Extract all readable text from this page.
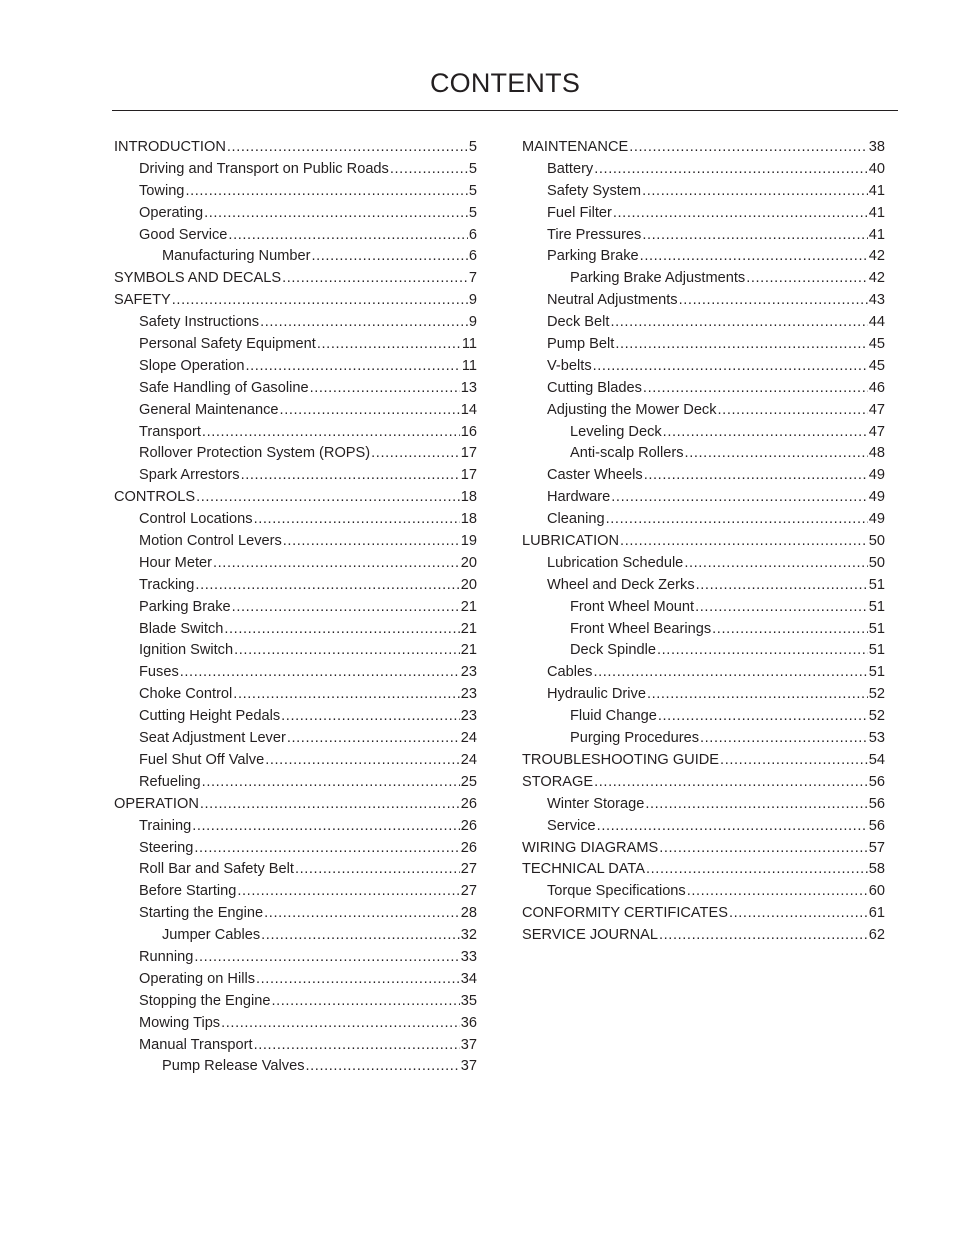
CONTENTS
INTRODUCTION .....	5
Driving and Transport on Public Roads .....	5
Towing .....	5
Operating .....	5
Good Service .....	6
Manufacturing Number .....	6
SYMBOLS AND DECALS .....	7
SAFETY .....	9
Safety Instructions .....	9
Personal Safety Equipment .....	11
Slope Operation .....	11
Safe Handling of Gasoline .....	13
General Maintenance .....	14
Transport .....	16
Rollover Protection System (ROPS) .....	17
Spark Arrestors .....	17
CONTROLS .....	18
Control Locations .....	18
Motion Control Levers .....	19
Hour Meter .....	20
Tracking .....	20
Parking Brake .....	21
Blade Switch .....	21
Ignition Switch .....	21
Fuses .....	23
Choke Control .....	23
Cutting Height Pedals .....	23
Seat Adjustment Lever .....	24
Fuel Shut Off Valve .....	24
Refueling .....	25
OPERATION .....	26
Training .....	26
Steering .....	26
Roll Bar and Safety Belt .....	27
Before Starting .....	27
Starting the Engine .....	28
Jumper Cables .....	32
Running .....	33
Operating on Hills .....	34
Stopping the Engine .....	35
Mowing Tips .....	36
Manual Transport .....	37
Pump Release Valves .....	37
MAINTENANCE .....	38
Battery .....	40
Safety System .....	41
Fuel Filter .....	41
Tire Pressures .....	41
Parking Brake .....	42
Parking Brake Adjustments .....	42
Neutral Adjustments .....	43
Deck Belt .....	44
Pump Belt .....	45
V-belts .....	45
Cutting Blades .....	46
Adjusting the Mower Deck .....	47
Leveling Deck .....	47
Anti-scalp Rollers .....	48
Caster Wheels .....	49
Hardware .....	49
Cleaning .....	49
LUBRICATION .....	50
Lubrication Schedule .....	50
Wheel and Deck Zerks .....	51
Front Wheel Mount .....	51
Front Wheel Bearings .....	51
Deck Spindle .....	51
Cables .....	51
Hydraulic Drive .....	52
Fluid Change .....	52
Purging Procedures .....	53
TROUBLESHOOTING GUIDE .....	54
STORAGE .....	56
Winter Storage .....	56
Service .....	56
WIRING DIAGRAMS .....	57
TECHNICAL DATA .....	58
Torque Specifications .....	60
CONFORMITY CERTIFICATES .....	61
SERVICE JOURNAL .....	62
